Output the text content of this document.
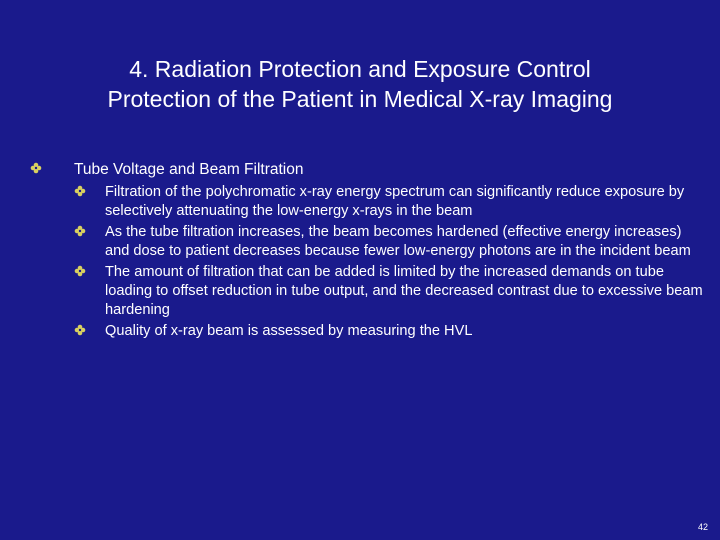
4. Radiation Protection and Exposure Control
Protection of the Patient in Medical X-ray Imaging
Tube Voltage and Beam Filtration
Filtration of the polychromatic x-ray energy spectrum can significantly reduce exposure by selectively attenuating the low-energy x-rays in the beam
As the tube filtration increases, the beam becomes hardened (effective energy increases) and dose to patient decreases because fewer low-energy photons are in the incident beam
The amount of filtration that can be added is limited by the increased demands on tube loading to offset reduction in tube output, and the decreased contrast due to excessive beam hardening
Quality of x-ray beam is assessed by measuring the HVL
42
